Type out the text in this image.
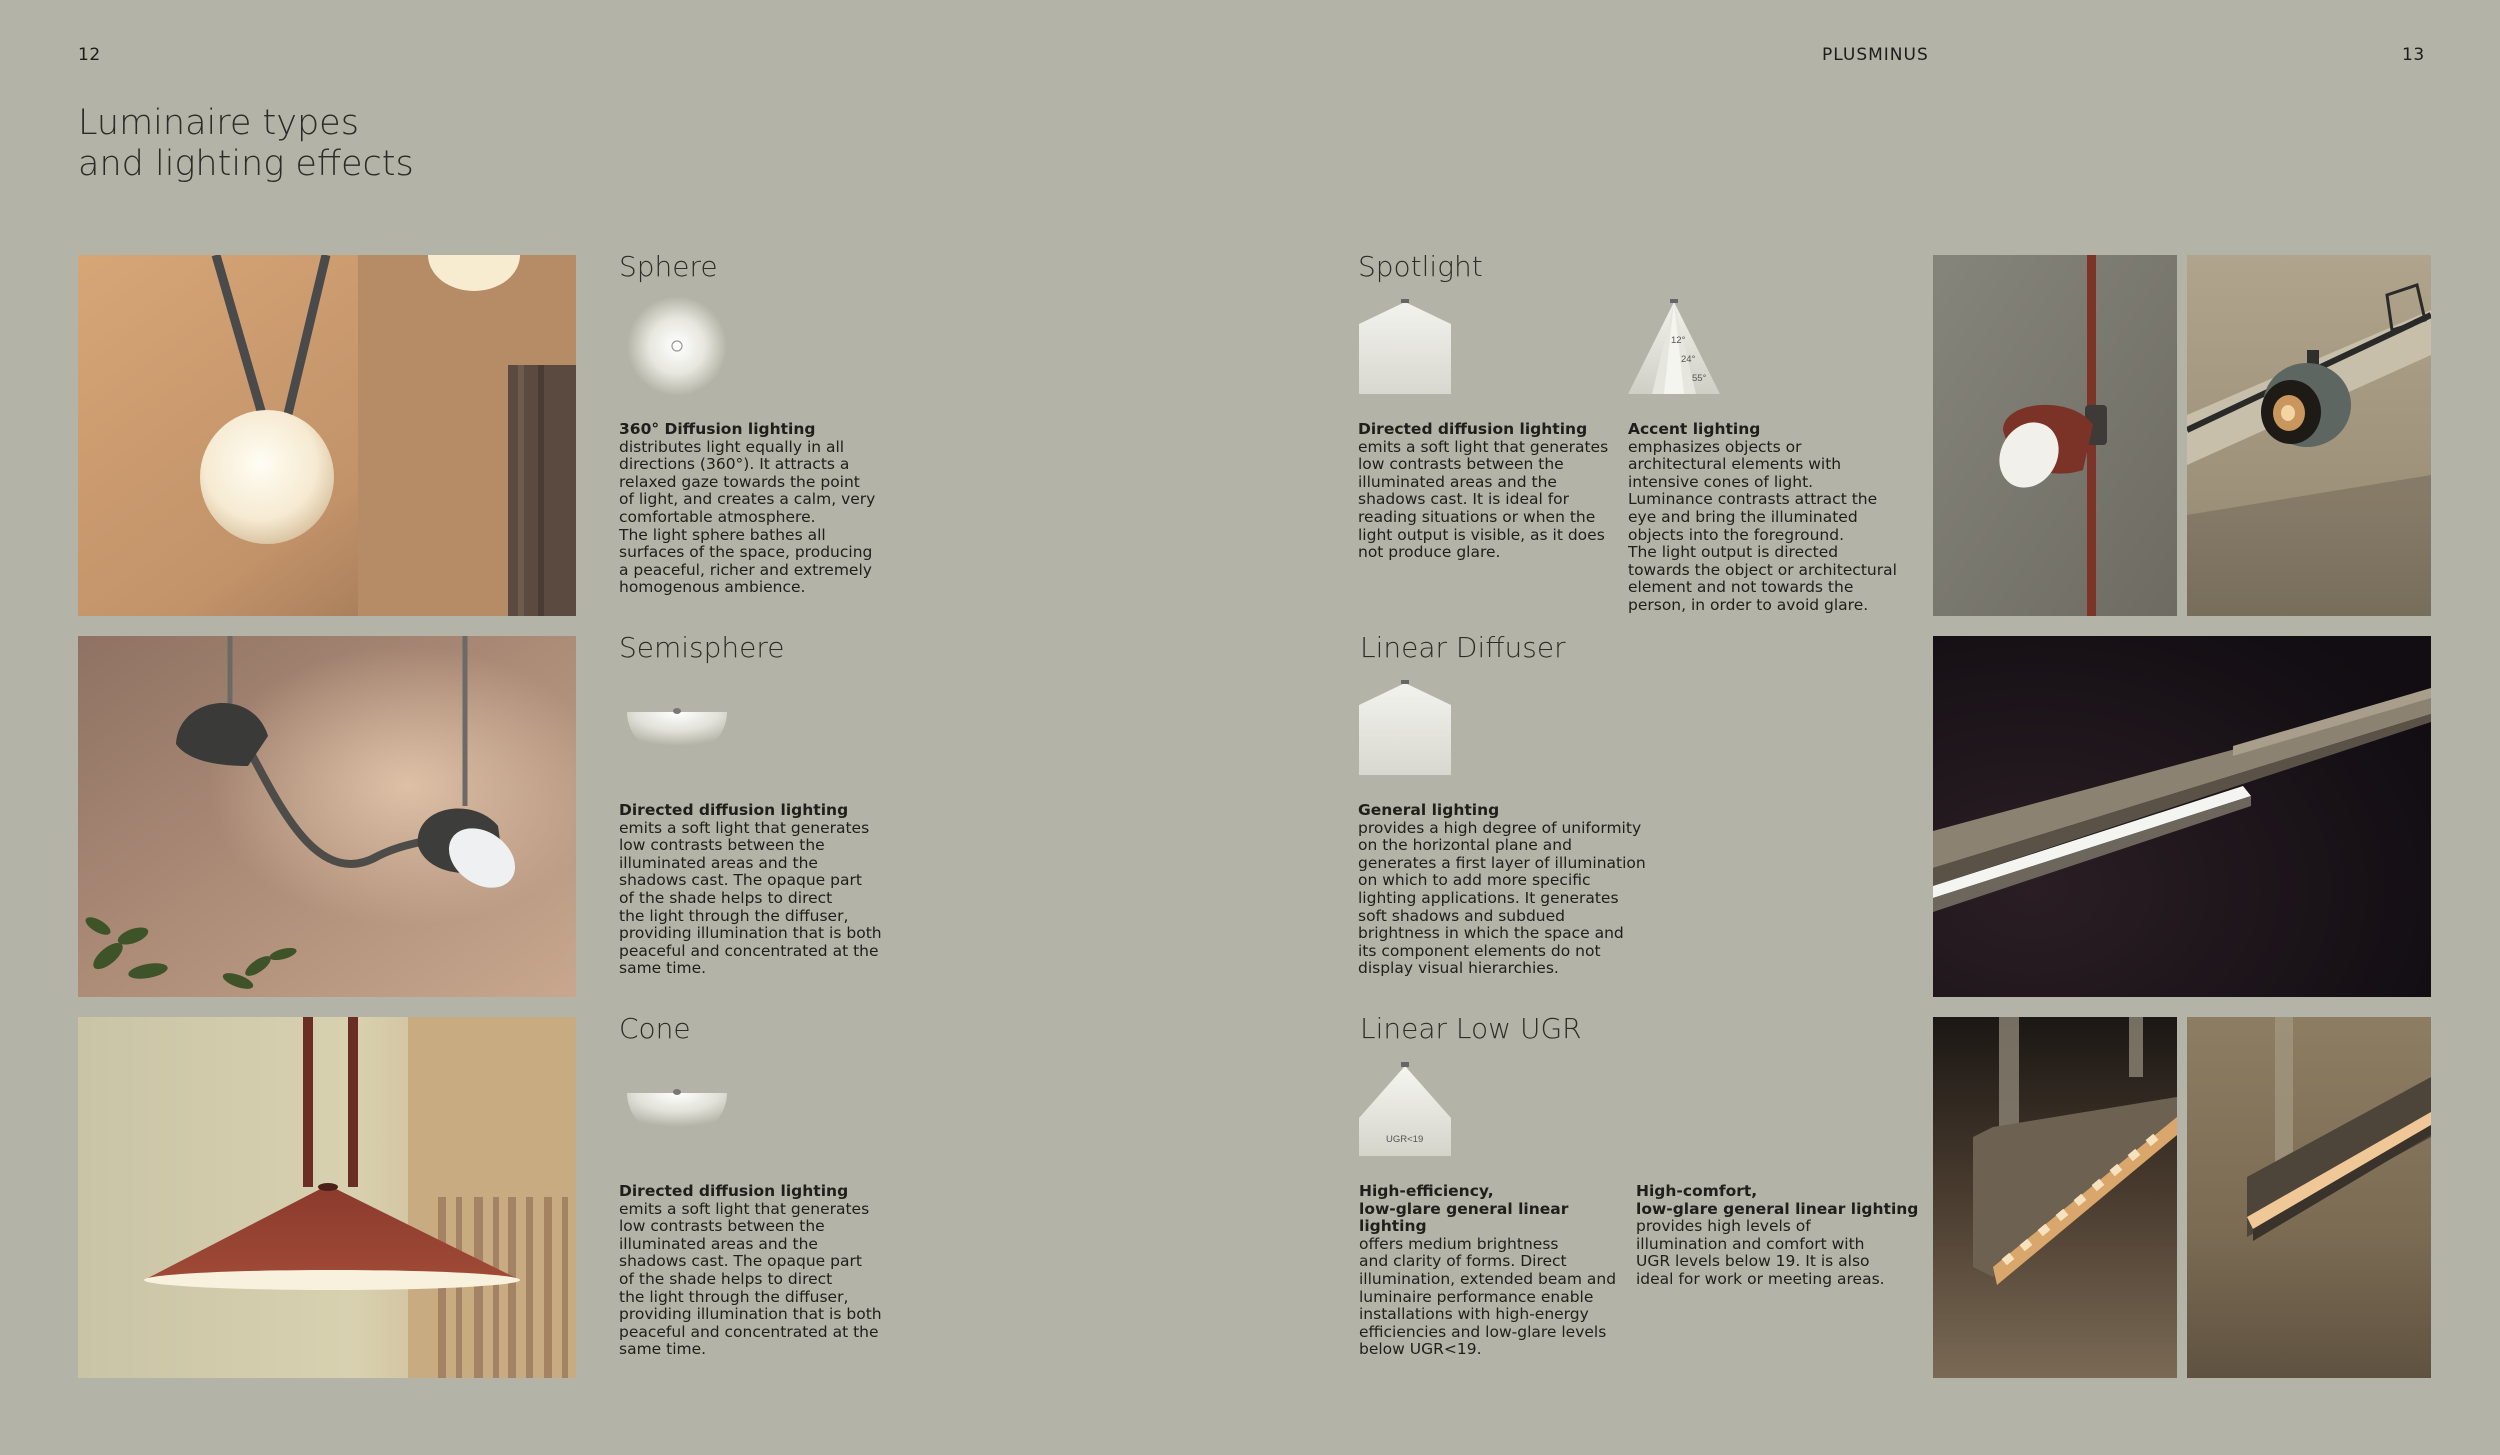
12	PLUSMINUS	13
Luminaire types
and lighting effects
Sphere
360° Diffusion lighting
distributes light equally in all
directions (360°). It attracts a
relaxed gaze towards the point
of light, and creates a calm, very
comfortable atmosphere.
The light sphere bathes all
surfaces of the space, producing
a peaceful, richer and extremely
homogenous ambience.
Semisphere
Directed diffusion lighting
emits a soft light that generates
low contrasts between the
illuminated areas and the
shadows cast. The opaque part
of the shade helps to direct
the light through the diffuser,
providing illumination that is both
peaceful and concentrated at the
same time.
Cone
Directed diffusion lighting
emits a soft light that generates
low contrasts between the
illuminated areas and the
shadows cast. The opaque part
of the shade helps to direct
the light through the diffuser,
providing illumination that is both
peaceful and concentrated at the
same time.
Spotlight
12°
24°
55°
Directed diffusion lighting
emits a soft light that generates
low contrasts between the
illuminated areas and the
shadows cast. It is ideal for
reading situations or when the
light output is visible, as it does
not produce glare.
Accent lighting
emphasizes objects or
architectural elements with
intensive cones of light.
Luminance contrasts attract the
eye and bring the illuminated
objects into the foreground.
The light output is directed
towards the object or architectural
element and not towards the
person, in order to avoid glare.
Linear Diffuser
General lighting
provides a high degree of uniformity
on the horizontal plane and
generates a first layer of illumination
on which to add more specific
lighting applications. It generates
soft shadows and subdued
brightness in which the space and
its component elements do not
display visual hierarchies.
Linear Low UGR
UGR<19
High-efficiency,
low-glare general linear lighting
offers medium brightness
and clarity of forms. Direct
illumination, extended beam and
luminaire performance enable
installations with high-energy
efficiencies and low-glare levels
below UGR<19.
High-comfort,
low-glare general linear lighting
provides high levels of
illumination and comfort with
UGR levels below 19. It is also
ideal for work or meeting areas.
